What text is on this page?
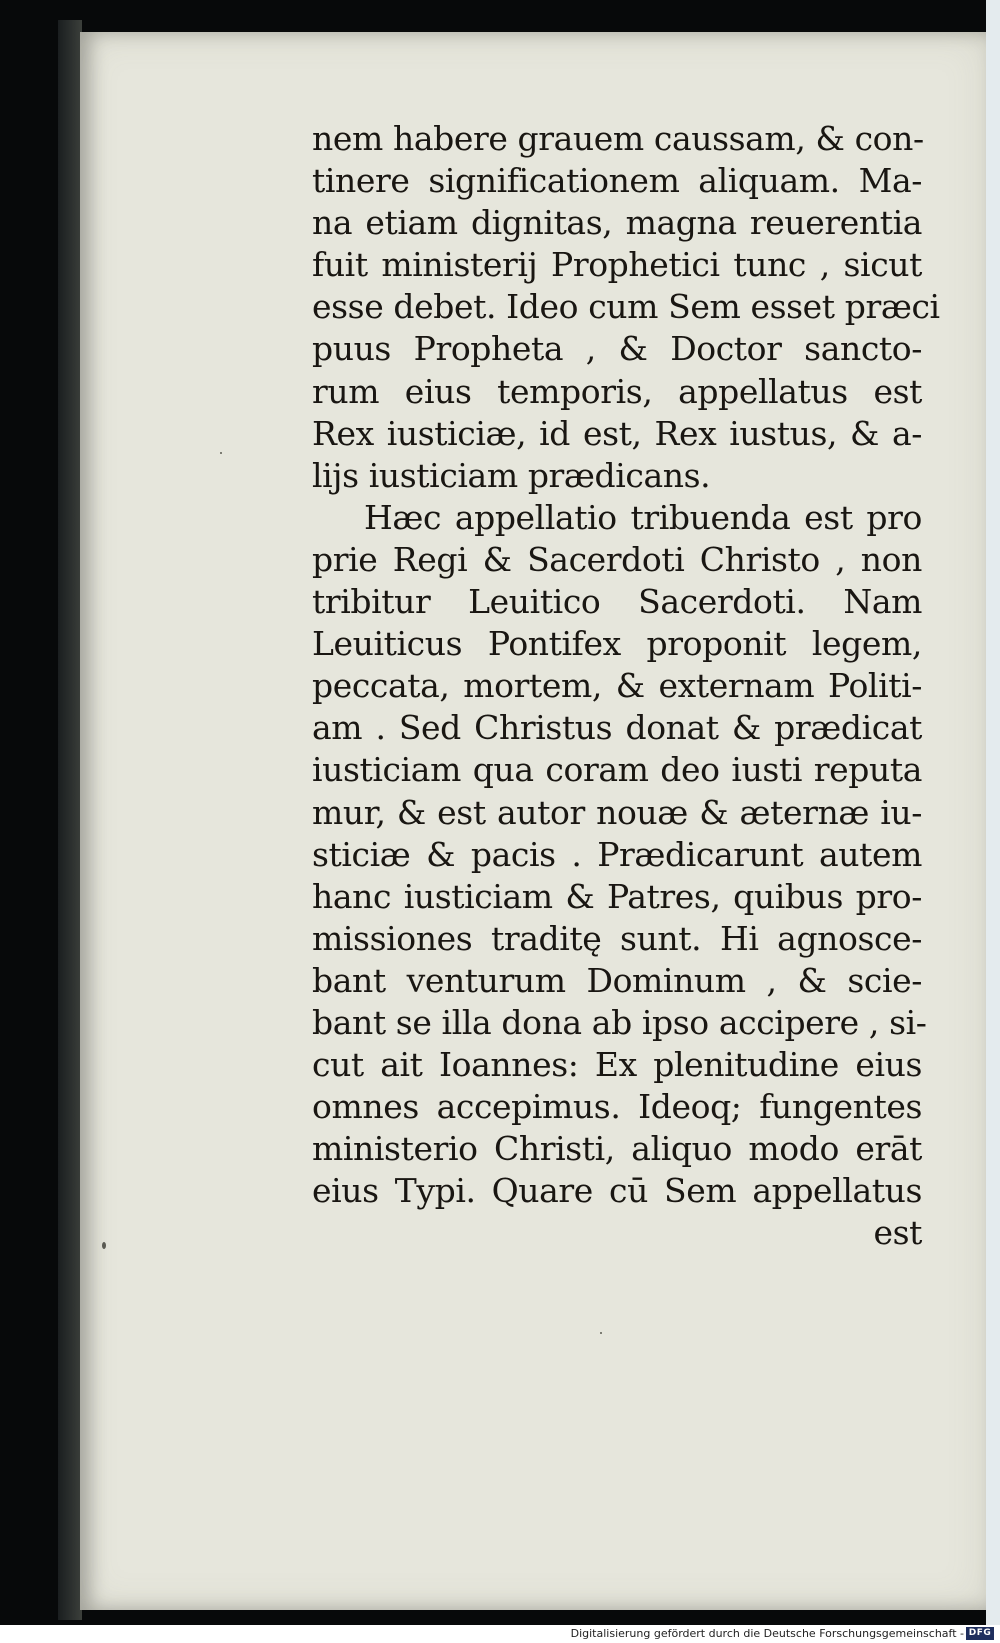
nem habere grauem caussam, & con-
tinere significationem aliquam. Ma-
na etiam dignitas, magna reuerentia
fuit ministerij Prophetici tunc , sicut
esse debet. Ideo cum Sem esset præci
puus Propheta , & Doctor sancto-
rum eius temporis, appellatus est
Rex iusticiæ, id est, Rex iustus, & a-
lijs iusticiam prædicans.
Hæc appellatio tribuenda est pro
prie Regi & Sacerdoti Christo , non
tribitur Leuitico Sacerdoti. Nam
Leuiticus Pontifex proponit legem,
peccata, mortem, & externam Politi-
am . Sed Christus donat & prædicat
iusticiam qua coram deo iusti reputa
mur, & est autor nouæ & æternæ iu-
sticiæ & pacis . Prædicarunt autem
hanc iusticiam & Patres, quibus pro-
missiones traditę sunt. Hi agnosce-
bant venturum Dominum , & scie-
bant se illa dona ab ipso accipere , si-
cut ait Ioannes: Ex plenitudine eius
omnes accepimus. Ideoq; fungentes
ministerio Christi, aliquo modo erāt
eius Typi. Quare cū Sem appellatus
est
Digitalisierung gefördert durch die Deutsche Forschungsgemeinschaft - DFG
